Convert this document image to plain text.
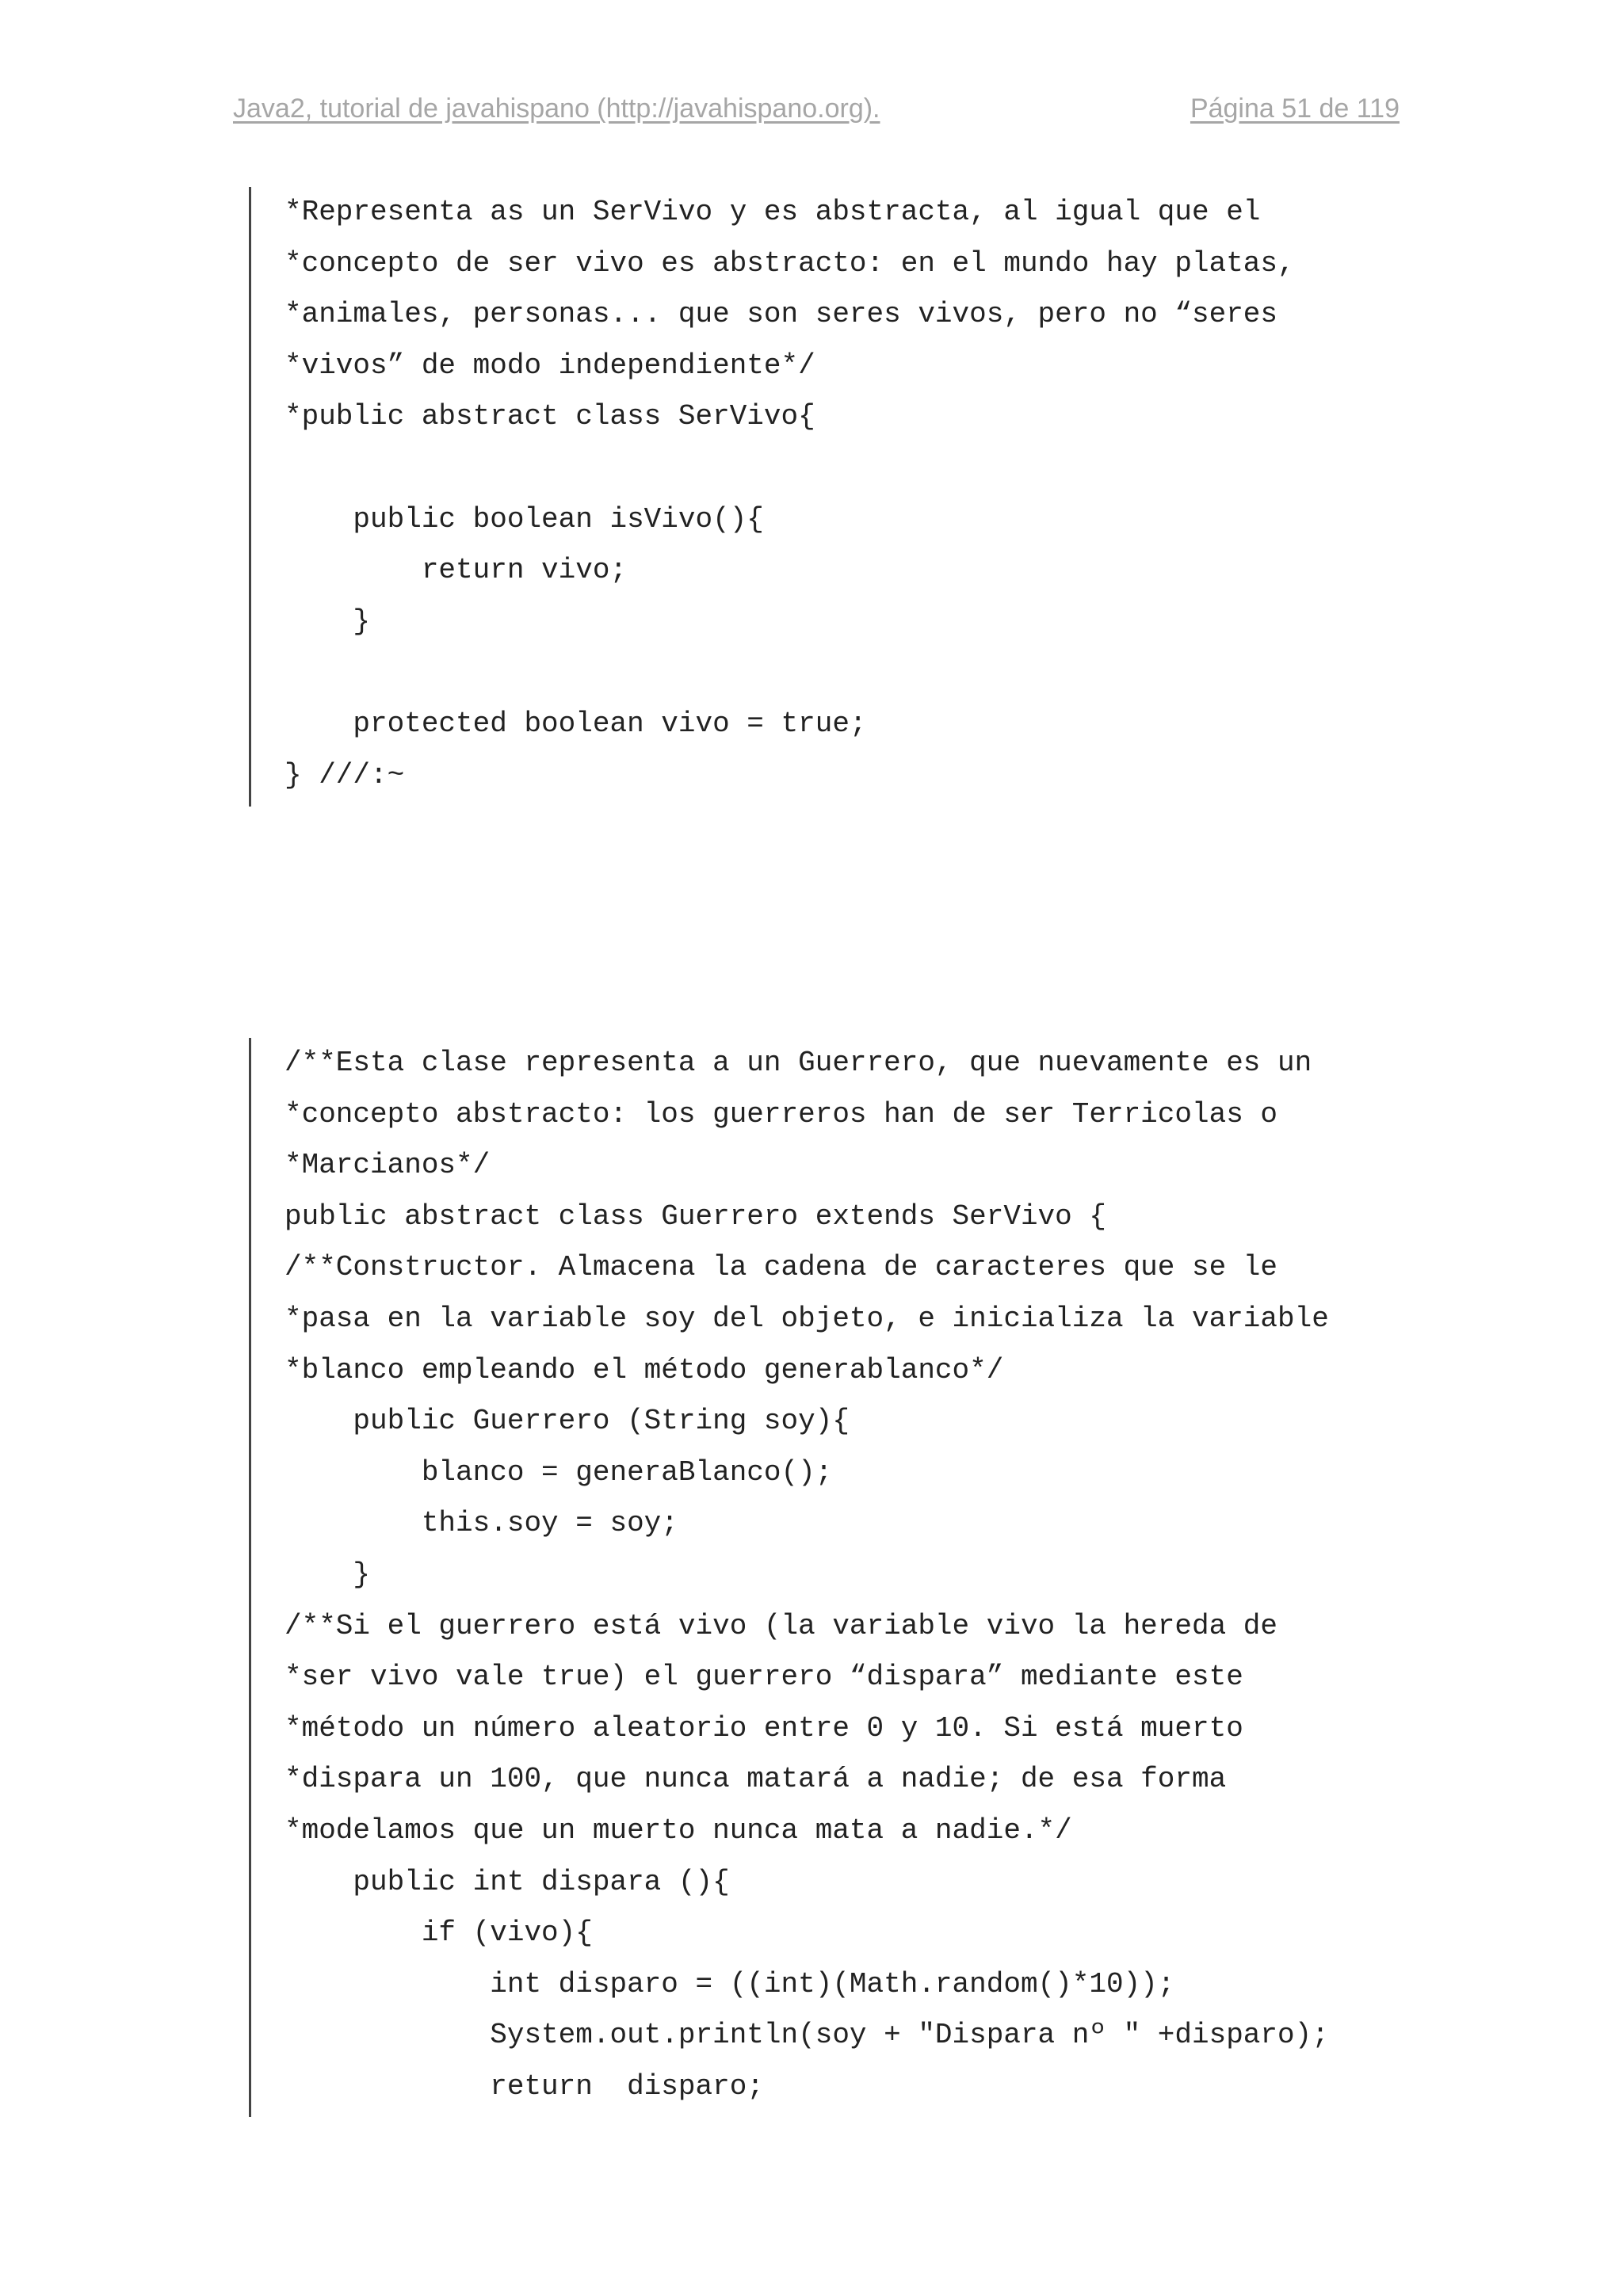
Java2, tutorial de javahispano (http://javahispano.org).	Página 51 de 119
*Representa as un SerVivo y es abstracta, al igual que el
*concepto de ser vivo es abstracto: en el mundo hay platas,
*animales, personas... que son seres vivos, pero no “seres
*vivos” de modo independiente*/
*public abstract class SerVivo{
public boolean isVivo(){
return vivo;
}
protected boolean vivo = true;
} ///:~
/**Esta clase representa a un Guerrero, que nuevamente es un
*concepto abstracto: los guerreros han de ser Terricolas o
*Marcianos*/
public abstract class Guerrero extends SerVivo {
/**Constructor. Almacena la cadena de caracteres que se le
*pasa en la variable soy del objeto, e inicializa la variable
*blanco empleando el método generablanco*/
public Guerrero (String soy){
blanco = generaBlanco();
this.soy = soy;
}
/**Si el guerrero está vivo (la variable vivo la hereda de
*ser vivo vale true) el guerrero “dispara” mediante este
*método un número aleatorio entre 0 y 10. Si está muerto
*dispara un 100, que nunca matará a nadie; de esa forma
*modelamos que un muerto nunca mata a nadie.*/
public int dispara (){
if (vivo){
int disparo = ((int)(Math.random()*10));
System.out.println(soy + "Dispara nº " +disparo);
return  disparo;
